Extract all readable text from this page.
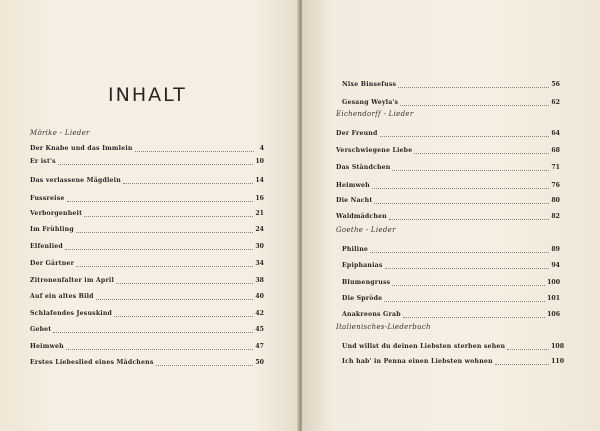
INHALT
Mörike - Lieder
Der Knabe und das Immlein	4
Er ist's	10
Das verlassene Mägdlein	14
Fussreise	16
Verborgenheit	21
Im Frühling	24
Elfenlied	30
Der Gärtner	34
Zitronenfalter im April	38
Auf ein altes Bild	40
Schlafendes Jesuskind	42
Gebet	45
Heimweh	47
Erstes Liebeslied eines Mädchens	50
Nixe Binsefuss	56
Gesang Weyla's	62
Eichendorff - Lieder
Der Freund	64
Verschwiegene Liebe	68
Das Ständchen	71
Heimweh	76
Die Nacht	80
Waldmädchen	82
Goethe - Lieder
Philine	89
Epiphanias	94
Blumengruss	100
Die Spröde	101
Anakreons Grab	106
Italienisches-Liederbuch
Und willst du deinen Liebsten sterben sehen	108
Ich hab' in Penna einen Liebsten wohnen	110
